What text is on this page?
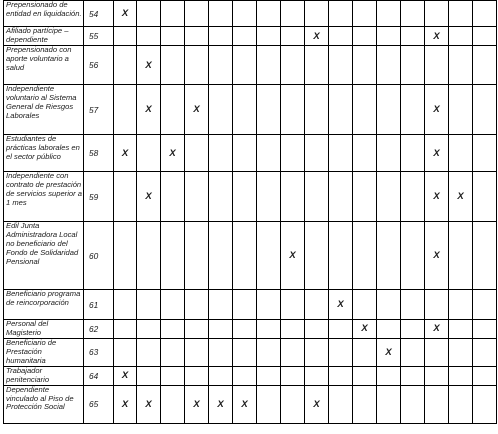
Prepensionado de entidad en liquidación.	54	X															
Afiliado partícipe – dependiente	55									X					X		
Prepensionado con aporte voluntario a salud	56		X														
Independiente voluntario al Sistema General de Riesgos Laborales	57		X		X										X		
Estudiantes de prácticas laborales en el sector público	58	X		X											X		
Independiente con contrato de prestación de servicios superior a 1 mes	59		X												X	X	
Edil Junta Administradora Local no beneficiario del Fondo de Solidaridad Pensional	60								X						X		
Beneficiario programa de reincorporación	61										X						
Personal del Magisterio	62											X			X		
Beneficiario de Prestación humanitaria	63												X				
Trabajador penitenciario	64	X															
Dependiente vinculado al Piso de Protección Social	65	X	X		X	X	X			X							
